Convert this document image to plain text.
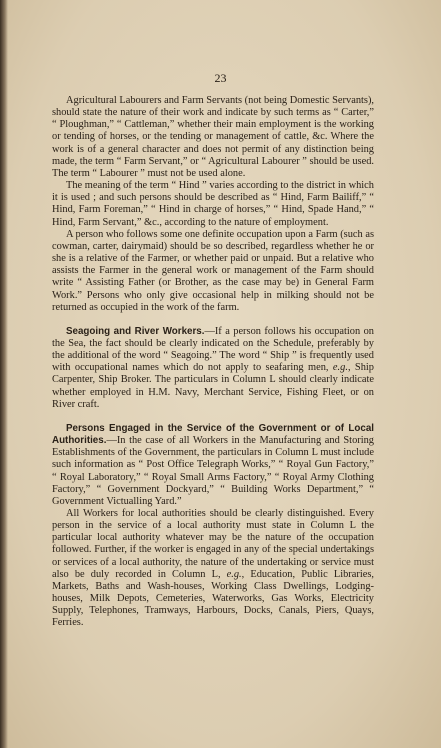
23

Agricultural Labourers and Farm Servants (not being Domestic Servants), should state the nature of their work and indicate by such terms as “ Carter,” “ Ploughman,” “ Cattleman,” whether their main employment is the working or tending of horses, or the tending or management of cattle, &c. Where the work is of a general character and does not permit of any distinction being made, the term “ Farm Servant,” or “ Agricultural Labourer ” should be used. The term “ Labourer ” must not be used alone.

The meaning of the term “ Hind ” varies according to the district in which it is used ; and such persons should be described as “ Hind, Farm Bailiff,” “ Hind, Farm Foreman,” “ Hind in charge of horses,” “ Hind, Spade Hand,” “ Hind, Farm Servant,” &c., according to the nature of employment.

A person who follows some one definite occupation upon a Farm (such as cowman, carter, dairymaid) should be so described, regardless whether he or she is a relative of the Farmer, or whether paid or unpaid. But a relative who assists the Farmer in the general work or management of the Farm should write “ Assisting Father (or Brother, as the case may be) in General Farm Work.” Persons who only give occasional help in milking should not be returned as occupied in the work of the farm.

Seagoing and River Workers.—If a person follows his occupation on the Sea, the fact should be clearly indicated on the Schedule, preferably by the additional of the word “ Seagoing.” The word “ Ship ” is frequently used with occupational names which do not apply to seafaring men, e.g., Ship Carpenter, Ship Broker. The particulars in Column L should clearly indicate whether employed in H.M. Navy, Merchant Service, Fishing Fleet, or on River craft.

Persons Engaged in the Service of the Government or of Local Authorities.—In the case of all Workers in the Manufacturing and Storing Establishments of the Government, the particulars in Column L must include such information as “ Post Office Telegraph Works,” “ Royal Gun Factory,” “ Royal Laboratory,” “ Royal Small Arms Factory,” “ Royal Army Clothing Factory,” “ Government Dockyard,” “ Building Works Department,” “ Government Victualling Yard.”

All Workers for local authorities should be clearly distinguished. Every person in the service of a local authority must state in Column L the particular local authority whatever may be the nature of the occupation followed. Further, if the worker is engaged in any of the special undertakings or services of a local authority, the nature of the undertaking or service must also be duly recorded in Column L, e.g., Education, Public Libraries, Markets, Baths and Wash-houses, Working Class Dwellings, Lodging-houses, Milk Depots, Cemeteries, Waterworks, Gas Works, Electricity Supply, Telephones, Tramways, Harbours, Docks, Canals, Piers, Quays, Ferries.
